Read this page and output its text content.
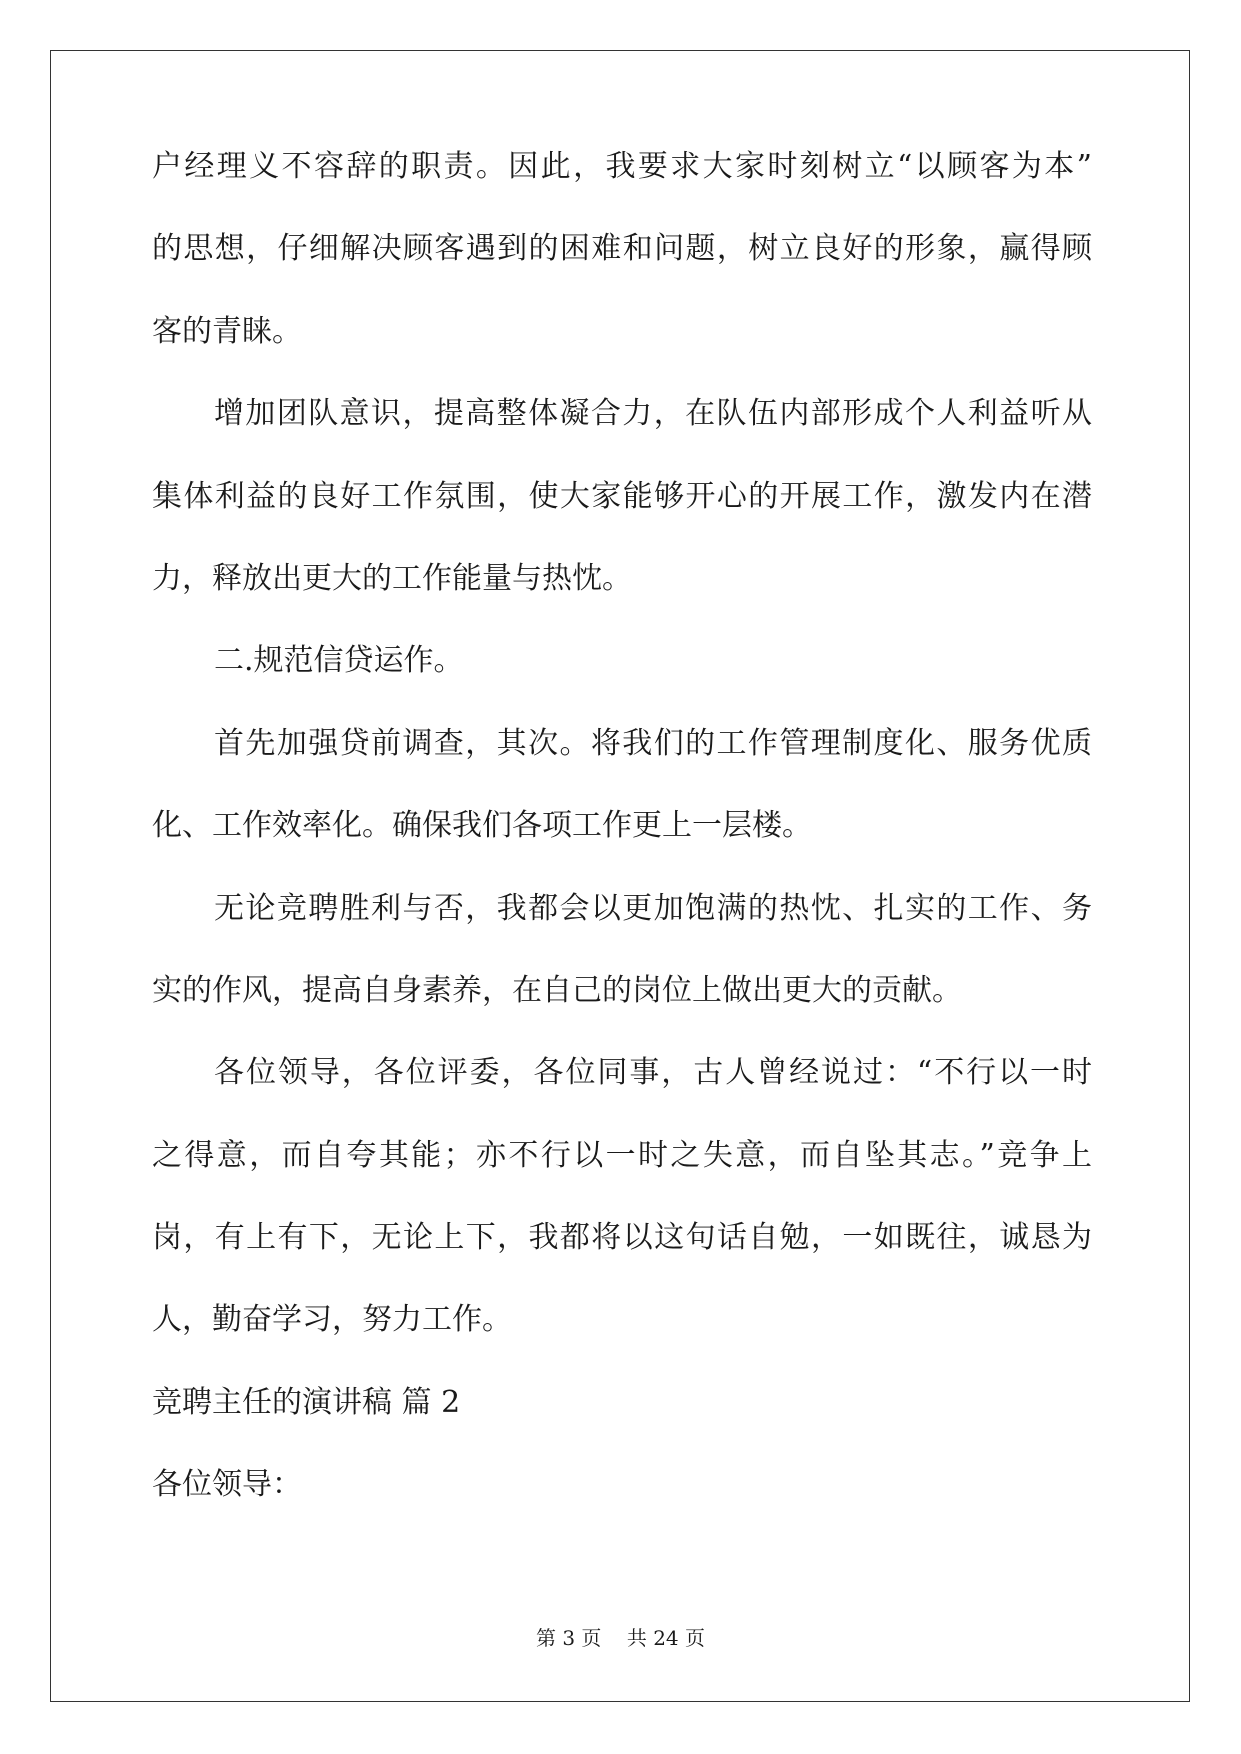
户经理义不容辞的职责。因此，我要求大家时刻树立“以顾客为本”
的思想，仔细解决顾客遇到的困难和问题，树立良好的形象，赢得顾
客的青睐。
增加团队意识，提高整体凝合力，在队伍内部形成个人利益听从
集体利益的良好工作氛围，使大家能够开心的开展工作，激发内在潜
力，释放出更大的工作能量与热忱。
二.规范信贷运作。
首先加强贷前调查，其次。将我们的工作管理制度化、服务优质
化、工作效率化。确保我们各项工作更上一层楼。
无论竞聘胜利与否，我都会以更加饱满的热忱、扎实的工作、务
实的作风，提高自身素养，在自己的岗位上做出更大的贡献。
各位领导，各位评委，各位同事，古人曾经说过：“不行以一时
之得意，而自夸其能；亦不行以一时之失意，而自坠其志。”竞争上
岗，有上有下，无论上下，我都将以这句话自勉，一如既往，诚恳为
人，勤奋学习，努力工作。
竞聘主任的演讲稿 篇 2
各位领导：
第 3 页    共 24 页
